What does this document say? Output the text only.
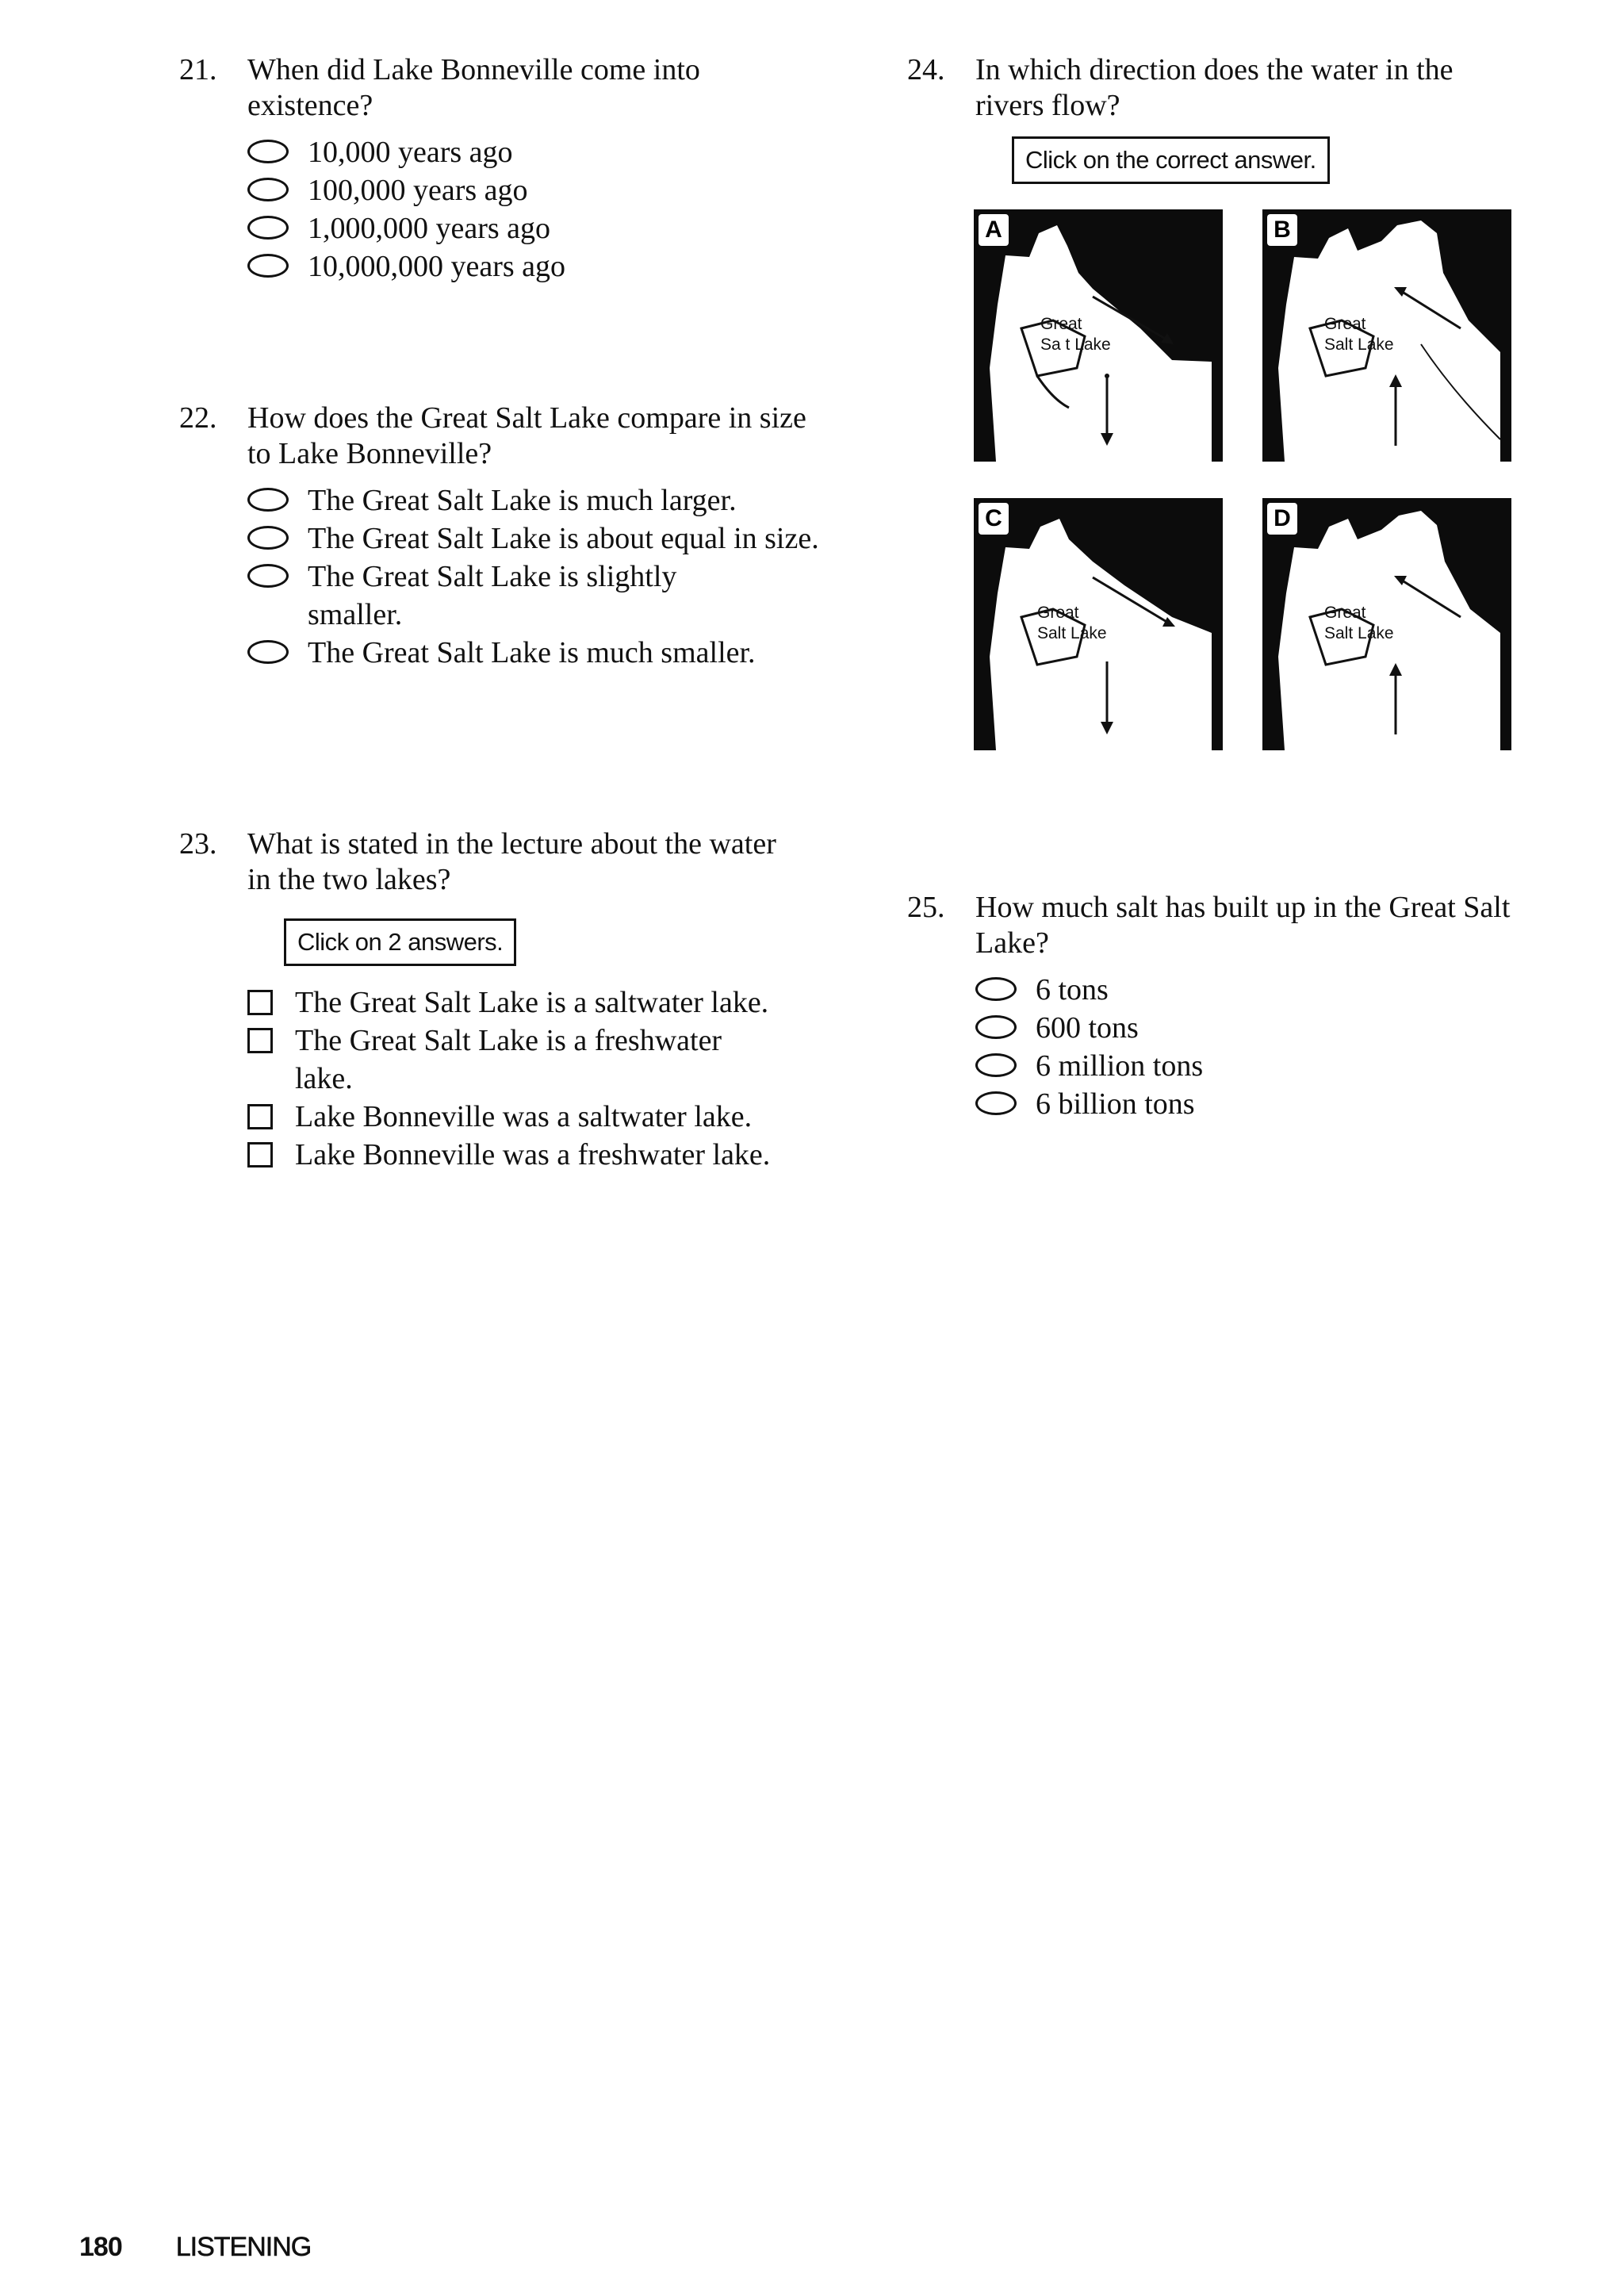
21.	When did Lake Bonneville come into existence?
10,000 years ago
100,000 years ago
1,000,000 years ago
10,000,000 years ago
22.	How does the Great Salt Lake compare in size to Lake Bonneville?
The Great Salt Lake is much larger.
The Great Salt Lake is about equal in size.
The Great Salt Lake is slightly smaller.
The Great Salt Lake is much smaller.
23.	What is stated in the lecture about the water in the two lakes?
Click on 2 answers.
The Great Salt Lake is a saltwater lake.
The Great Salt Lake is a freshwater lake.
Lake Bonneville was a saltwater lake.
Lake Bonneville was a freshwater lake.
24.	In which direction does the water in the rivers flow?
Click on the correct answer.
A
Great
Sa t Lake
B
Great
Salt Lake
C
Great
Salt Lake
D
Great
Salt Lake
25.	How much salt has built up in the Great Salt Lake?
6 tons
600 tons
6 million tons
6 billion tons
180 LISTENING
